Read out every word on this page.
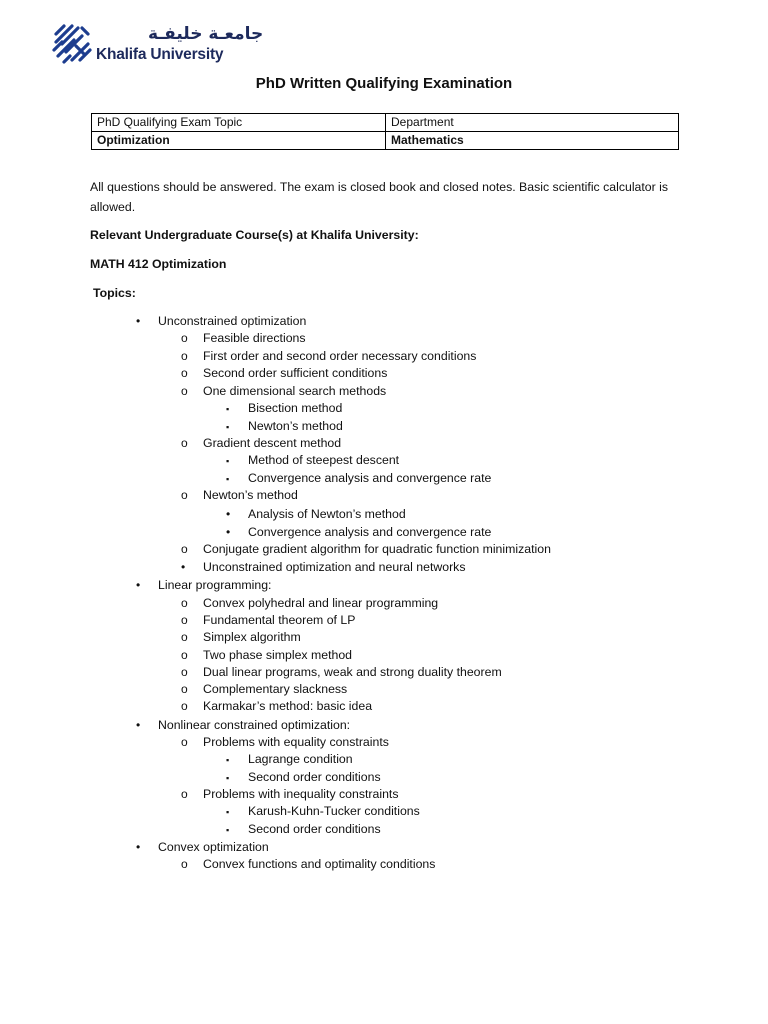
جامعـة خليفـة
Khalifa University
PhD Written Qualifying Examination
PhD Qualifying Exam Topic	Department
Optimization	Mathematics
All questions should be answered. The exam is closed book and closed notes. Basic scientific calculator is allowed.
Relevant Undergraduate Course(s) at Khalifa University:
MATH 412 Optimization
Topics:
• Unconstrained optimization
o Feasible directions
o First order and second order necessary conditions
o Second order sufficient conditions
o One dimensional search methods
▪ Bisection method
▪ Newton’s method
o Gradient descent method
▪ Method of steepest descent
▪ Convergence analysis and convergence rate
o Newton’s method
• Analysis of Newton’s method
• Convergence analysis and convergence rate
o Conjugate gradient algorithm for quadratic function minimization
• Unconstrained optimization and neural networks
• Linear programming:
o Convex polyhedral and linear programming
o Fundamental theorem of LP
o Simplex algorithm
o Two phase simplex method
o Dual linear programs, weak and strong duality theorem
o Complementary slackness
o Karmakar’s method: basic idea
• Nonlinear constrained optimization:
o Problems with equality constraints
▪ Lagrange condition
▪ Second order conditions
o Problems with inequality constraints
▪ Karush-Kuhn-Tucker conditions
▪ Second order conditions
• Convex optimization
o Convex functions and optimality conditions
